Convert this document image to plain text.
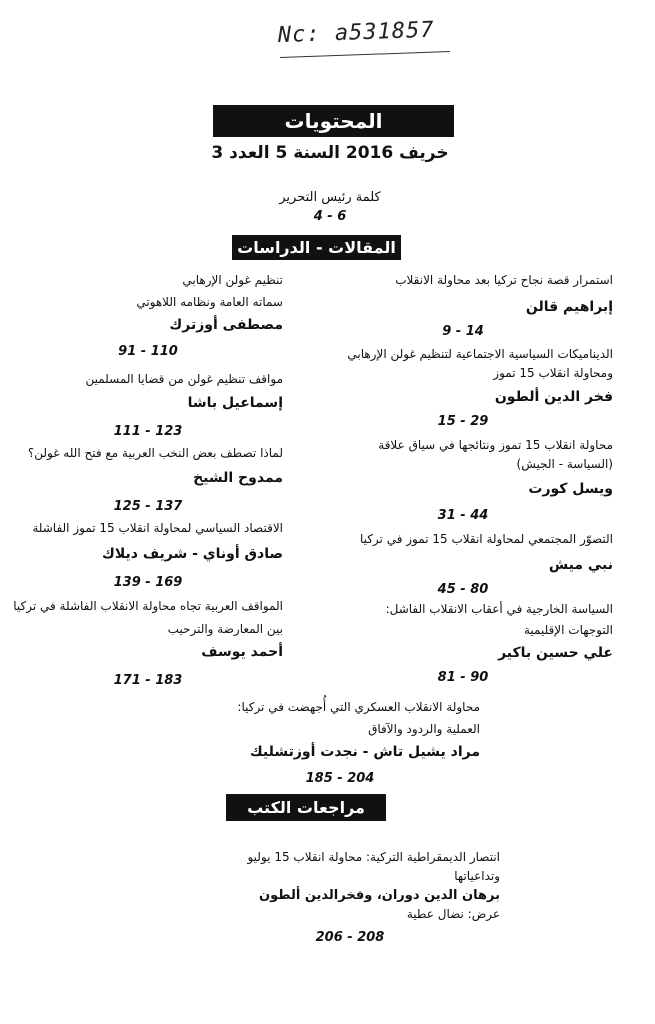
Nc: a531857
المحتويات
خريف 2016 السنة 5 العدد 3
كلمة رئيس التحرير
6 - 4
المقالات - الدراسات
استمرار قصة نجاح تركيا بعد محاولة الانقلاب
إبراهيم قالن
14 - 9
الديناميكات السياسية الاجتماعية لتنظيم غولن الإرهابي
ومحاولة انقلاب 15 تموز
فخر الدين ألطون
29 - 15
محاولة انقلاب 15 تموز ونتائجها في سياق علاقة
(السياسة - الجيش)
ويسل كورت
44 - 31
التصوّر المجتمعي لمحاولة انقلاب 15 تموز في تركيا
نبي ميش
80 - 45
السياسة الخارجية في أعقاب الانقلاب الفاشل:
التوجهات الإقليمية
علي حسين باكير
90 - 81
تنظيم غولن الإرهابي
سماته العامة ونظامه اللاهوتي
مصطفى أوزترك
110 - 91
مواقف تنظيم غولن من قضايا المسلمين
إسماعيل باشا
123 - 111
لماذا تصطف بعض النخب العربية مع فتح الله غولن؟
ممدوح الشيخ
137 - 125
الاقتصاد السياسي لمحاولة انقلاب 15 تموز الفاشلة
صادق أوناي - شريف ديلاك
169 - 139
المواقف العربية تجاه محاولة الانقلاب الفاشلة في تركيا
بين المعارضة والترحيب
أحمد يوسف
183 - 171
محاولة الانقلاب العسكري التي أُجهضت في تركيا:
العملية والردود والآفاق
مراد يشيل تاش - نجدت أوزتشليك
204 - 185
مراجعات الكتب
انتصار الديمقراطية التركية: محاولة انقلاب 15 يوليو
وتداعياتها
برهان الدين دوران، وفخرالدين ألطون
عرض: نضال عطية
208 - 206
